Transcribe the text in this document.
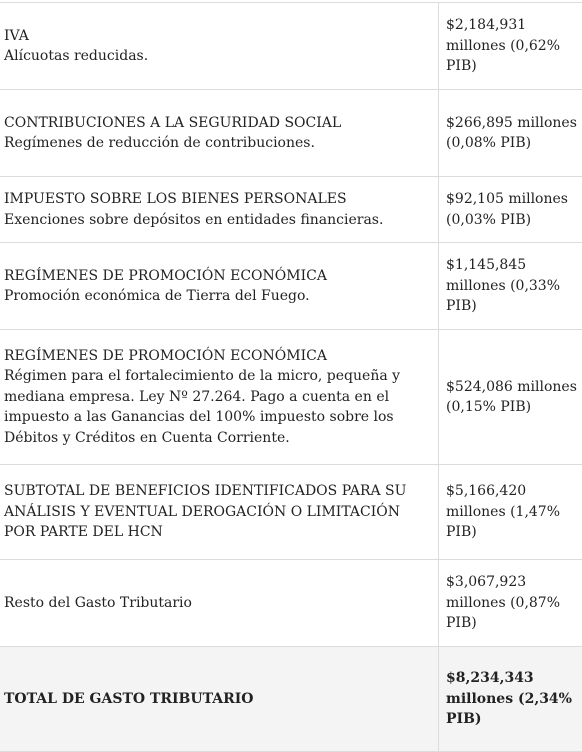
IVA
Alícuotas reducidas.
$2,184,931 millones (0,62% PIB)
CONTRIBUCIONES A LA SEGURIDAD SOCIAL
Regímenes de reducción de contribuciones.
$266,895 millones (0,08% PIB)
IMPUESTO SOBRE LOS BIENES PERSONALES
Exenciones sobre depósitos en entidades financieras.
$92,105 millones (0,03% PIB)
REGÍMENES DE PROMOCIÓN ECONÓMICA
Promoción económica de Tierra del Fuego.
$1,145,845 millones (0,33% PIB)
REGÍMENES DE PROMOCIÓN ECONÓMICA
Régimen para el fortalecimiento de la micro, pequeña y mediana empresa. Ley Nº 27.264. Pago a cuenta en el impuesto a las Ganancias del 100% impuesto sobre los Débitos y Créditos en Cuenta Corriente.
$524,086 millones (0,15% PIB)
SUBTOTAL DE BENEFICIOS IDENTIFICADOS PARA SU ANÁLISIS Y EVENTUAL DEROGACIÓN O LIMITACIÓN POR PARTE DEL HCN
$5,166,420 millones (1,47% PIB)
Resto del Gasto Tributario
$3,067,923 millones (0,87% PIB)
TOTAL DE GASTO TRIBUTARIO
$8,234,343 millones (2,34% PIB)
